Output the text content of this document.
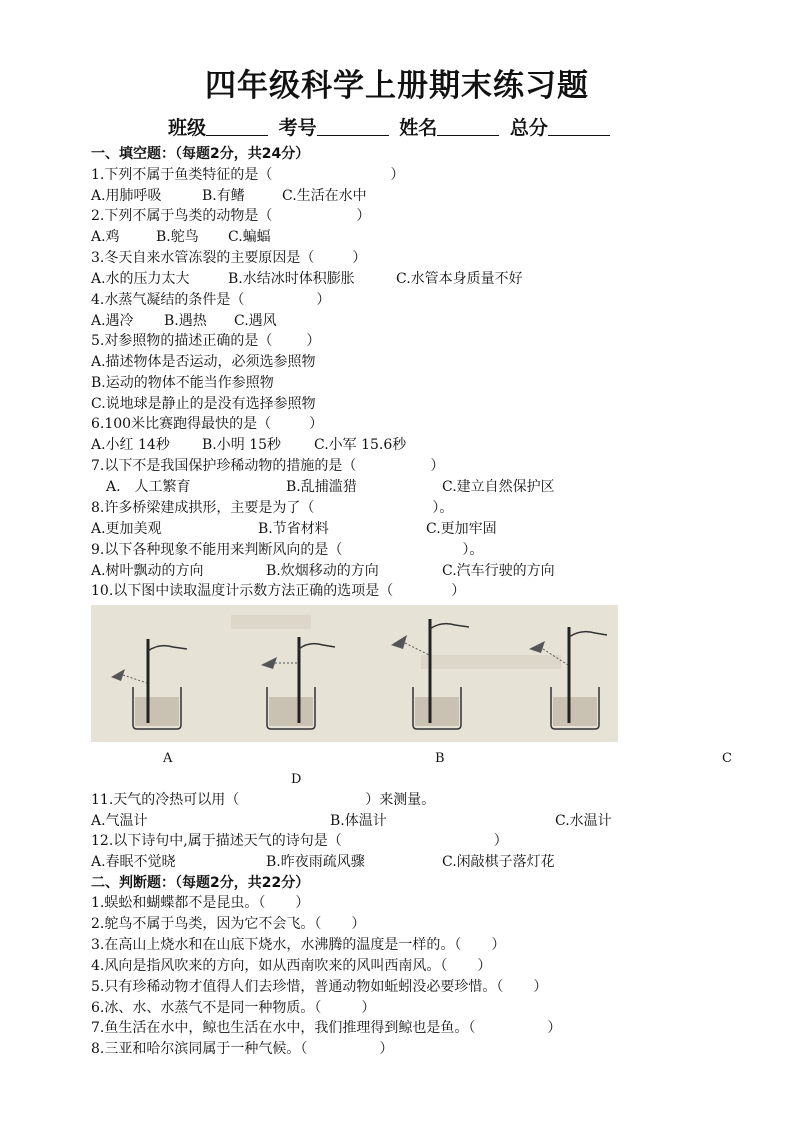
四年级科学上册期末练习题
班级	考号	姓名	总分
一、填空题：（每题2分，共24分）
1.下列不属于鱼类特征的是（	）
A.用肺呼吸	B.有鳍	C.生活在水中
2.下列不属于鸟类的动物是（	）
A.鸡	B.鸵鸟 C.蝙蝠
3.冬天自来水管冻裂的主要原因是（	）
A.水的压力太大	B.水结冰时体积膨胀	C.水管本身质量不好
4.水蒸气凝结的条件是（	）
A.遇冷 B.遇热 C.遇风
5.对参照物的描述正确的是（ ）
A.描述物体是否运动，必须选参照物
B.运动的物体不能当作参照物
C.说地球是静止的是没有选择参照物
6.100米比赛跑得最快的是（	）
A.小红 14秒 B.小明 15秒 C.小军 15.6秒
7.以下不是我国保护珍稀动物的措施的是（	）
A.　人工繁育	B.乱捕滥猎	C.建立自然保护区
8.许多桥梁建成拱形，主要是为了（	）。
A.更加美观	B.节省材料	C.更加牢固
9.以下各种现象不能用来判断风向的是（	）。
A.树叶飘动的方向	B.炊烟移动的方向	C.汽车行驶的方向
10.以下图中读取温度计示数方法正确的选项是（	）
A	B	C
D
11.天气的冷热可以用（	）来测量。
A.气温计	B.体温计	C.水温计
12.以下诗句中,属于描述天气的诗句是（	）
A.春眠不觉晓	B.昨夜雨疏风骤	C.闲敲棋子落灯花
二、判断题：（每题2分，共22分）
1.蜈蚣和蝴蝶都不是昆虫。（ ）
2.鸵鸟不属于鸟类，因为它不会飞。（ ）
3.在高山上烧水和在山底下烧水，水沸腾的温度是一样的。（ ）
4.风向是指风吹来的方向，如从西南吹来的风叫西南风。（ ）
5.只有珍稀动物才值得人们去珍惜，普通动物如蚯蚓没必要珍惜。（ ）
6.冰、水、水蒸气不是同一种物质。（	）
7.鱼生活在水中，鲸也生活在水中，我们推理得到鲸也是鱼。（	）
8.三亚和哈尔滨同属于一种气候。（	）
